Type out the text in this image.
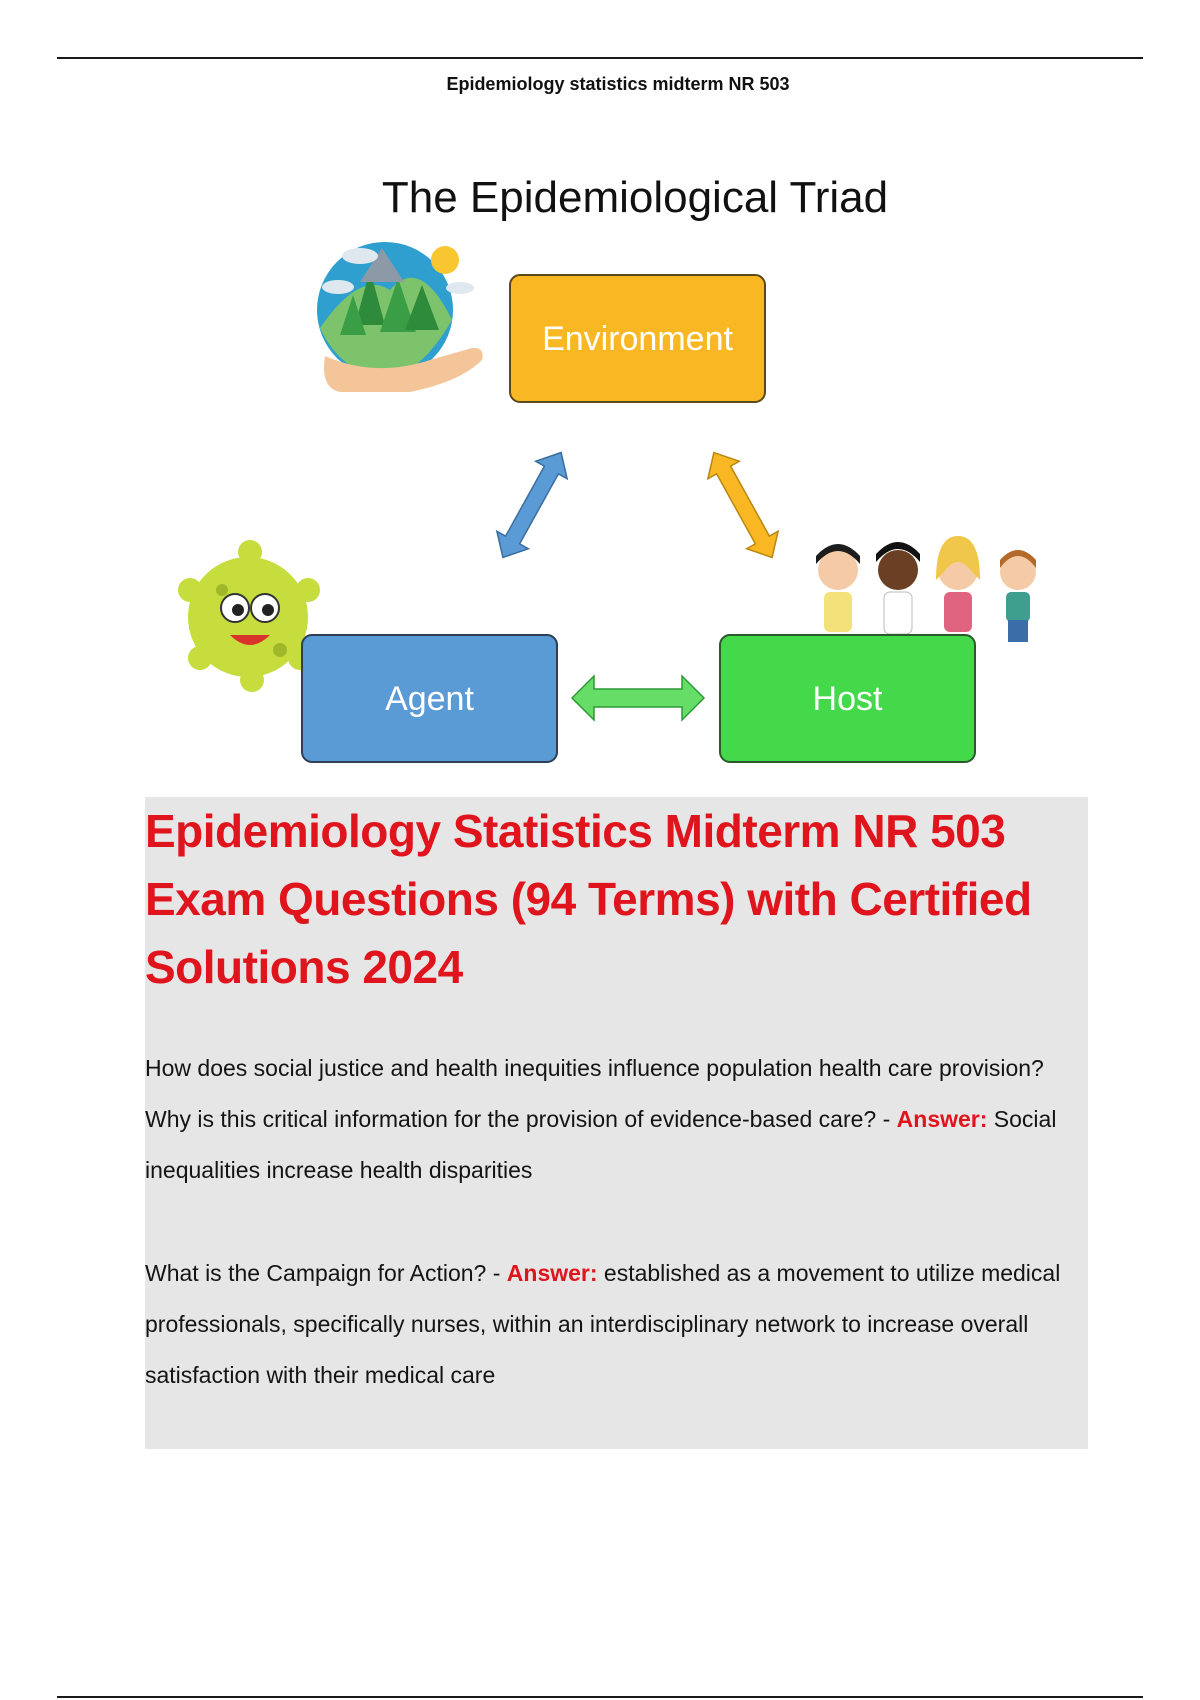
Epidemiology statistics midterm NR 503
The Epidemiological Triad
Environment
Agent	Host
Epidemiology Statistics Midterm NR 503 Exam Questions (94 Terms) with Certified Solutions 2024

How does social justice and health inequities influence population health care provision? Why is this critical information for the provision of evidence-based care? - Answer: Social inequalities increase health disparities

What is the Campaign for Action? - Answer: established as a movement to utilize medical professionals, specifically nurses, within an interdisciplinary network to increase overall satisfaction with their medical care
